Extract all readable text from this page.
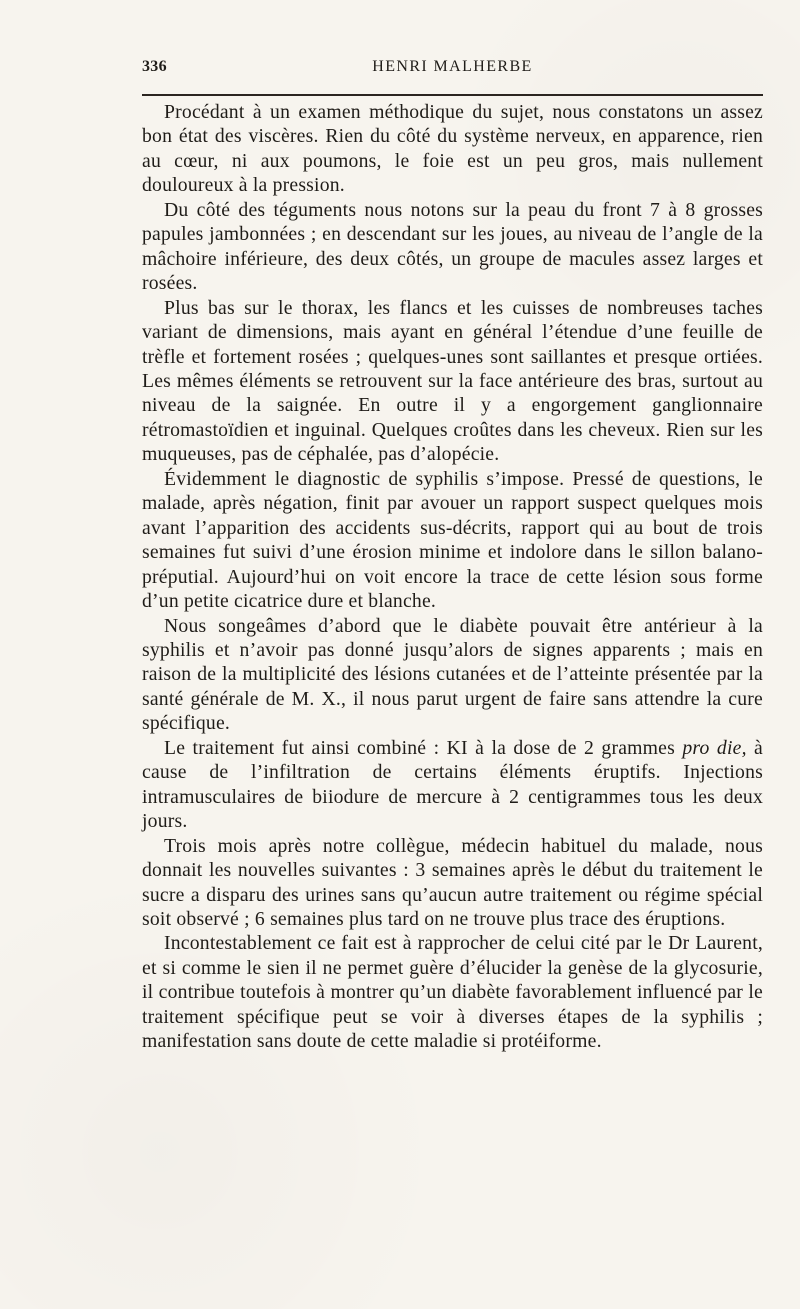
336	HENRI MALHERBE

Procédant à un examen méthodique du sujet, nous constatons un assez bon état des viscères. Rien du côté du système nerveux, en apparence, rien au cœur, ni aux poumons, le foie est un peu gros, mais nullement douloureux à la pression.

Du côté des téguments nous notons sur la peau du front 7 à 8 grosses papules jambonnées ; en descendant sur les joues, au niveau de l’angle de la mâchoire inférieure, des deux côtés, un groupe de macules assez larges et rosées.

Plus bas sur le thorax, les flancs et les cuisses de nombreuses taches variant de dimensions, mais ayant en général l’étendue d’une feuille de trèfle et fortement rosées ; quelques-unes sont saillantes et presque ortiées. Les mêmes éléments se retrouvent sur la face antérieure des bras, surtout au niveau de la saignée. En outre il y a engorgement ganglionnaire rétromastoïdien et inguinal. Quelques croûtes dans les cheveux. Rien sur les muqueuses, pas de céphalée, pas d’alopécie.

Évidemment le diagnostic de syphilis s’impose. Pressé de questions, le malade, après négation, finit par avouer un rapport suspect quelques mois avant l’apparition des accidents sus-décrits, rapport qui au bout de trois semaines fut suivi d’une érosion minime et indolore dans le sillon balano-préputial. Aujourd’hui on voit encore la trace de cette lésion sous forme d’un petite cicatrice dure et blanche.

Nous songeâmes d’abord que le diabète pouvait être antérieur à la syphilis et n’avoir pas donné jusqu’alors de signes apparents ; mais en raison de la multiplicité des lésions cutanées et de l’atteinte présentée par la santé générale de M. X., il nous parut urgent de faire sans attendre la cure spécifique.

Le traitement fut ainsi combiné : KI à la dose de 2 grammes pro die, à cause de l’infiltration de certains éléments éruptifs. Injections intramusculaires de biiodure de mercure à 2 centigrammes tous les deux jours.

Trois mois après notre collègue, médecin habituel du malade, nous donnait les nouvelles suivantes : 3 semaines après le début du traitement le sucre a disparu des urines sans qu’aucun autre traitement ou régime spécial soit observé ; 6 semaines plus tard on ne trouve plus trace des éruptions.

Incontestablement ce fait est à rapprocher de celui cité par le Dr Laurent, et si comme le sien il ne permet guère d’élucider la genèse de la glycosurie, il contribue toutefois à montrer qu’un diabète favorablement influencé par le traitement spécifique peut se voir à diverses étapes de la syphilis ; manifestation sans doute de cette maladie si protéiforme.
